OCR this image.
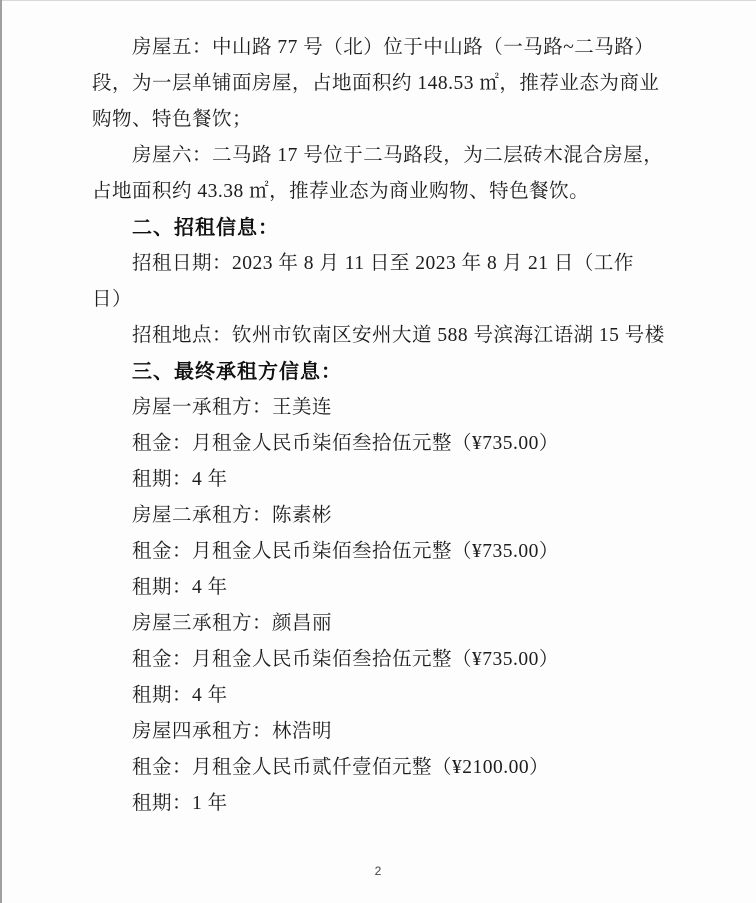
房屋五：中山路 77 号（北）位于中山路（一马路~二马路）
段，为一层单铺面房屋，占地面积约 148.53 ㎡，推荐业态为商业
购物、特色餐饮；
房屋六：二马路 17 号位于二马路段，为二层砖木混合房屋，
占地面积约 43.38 ㎡，推荐业态为商业购物、特色餐饮。
二、招租信息：
招租日期：2023 年 8 月 11 日至 2023 年 8 月 21 日（工作
日）
招租地点：钦州市钦南区安州大道 588 号滨海江语湖 15 号楼
三、最终承租方信息：
房屋一承租方：王美连
租金：月租金人民币柒佰叁拾伍元整（¥735.00）
租期：4 年
房屋二承租方：陈素彬
租金：月租金人民币柒佰叁拾伍元整（¥735.00）
租期：4 年
房屋三承租方：颜昌丽
租金：月租金人民币柒佰叁拾伍元整（¥735.00）
租期：4 年
房屋四承租方：林浩明
租金：月租金人民币贰仟壹佰元整（¥2100.00）
租期：1 年
2
